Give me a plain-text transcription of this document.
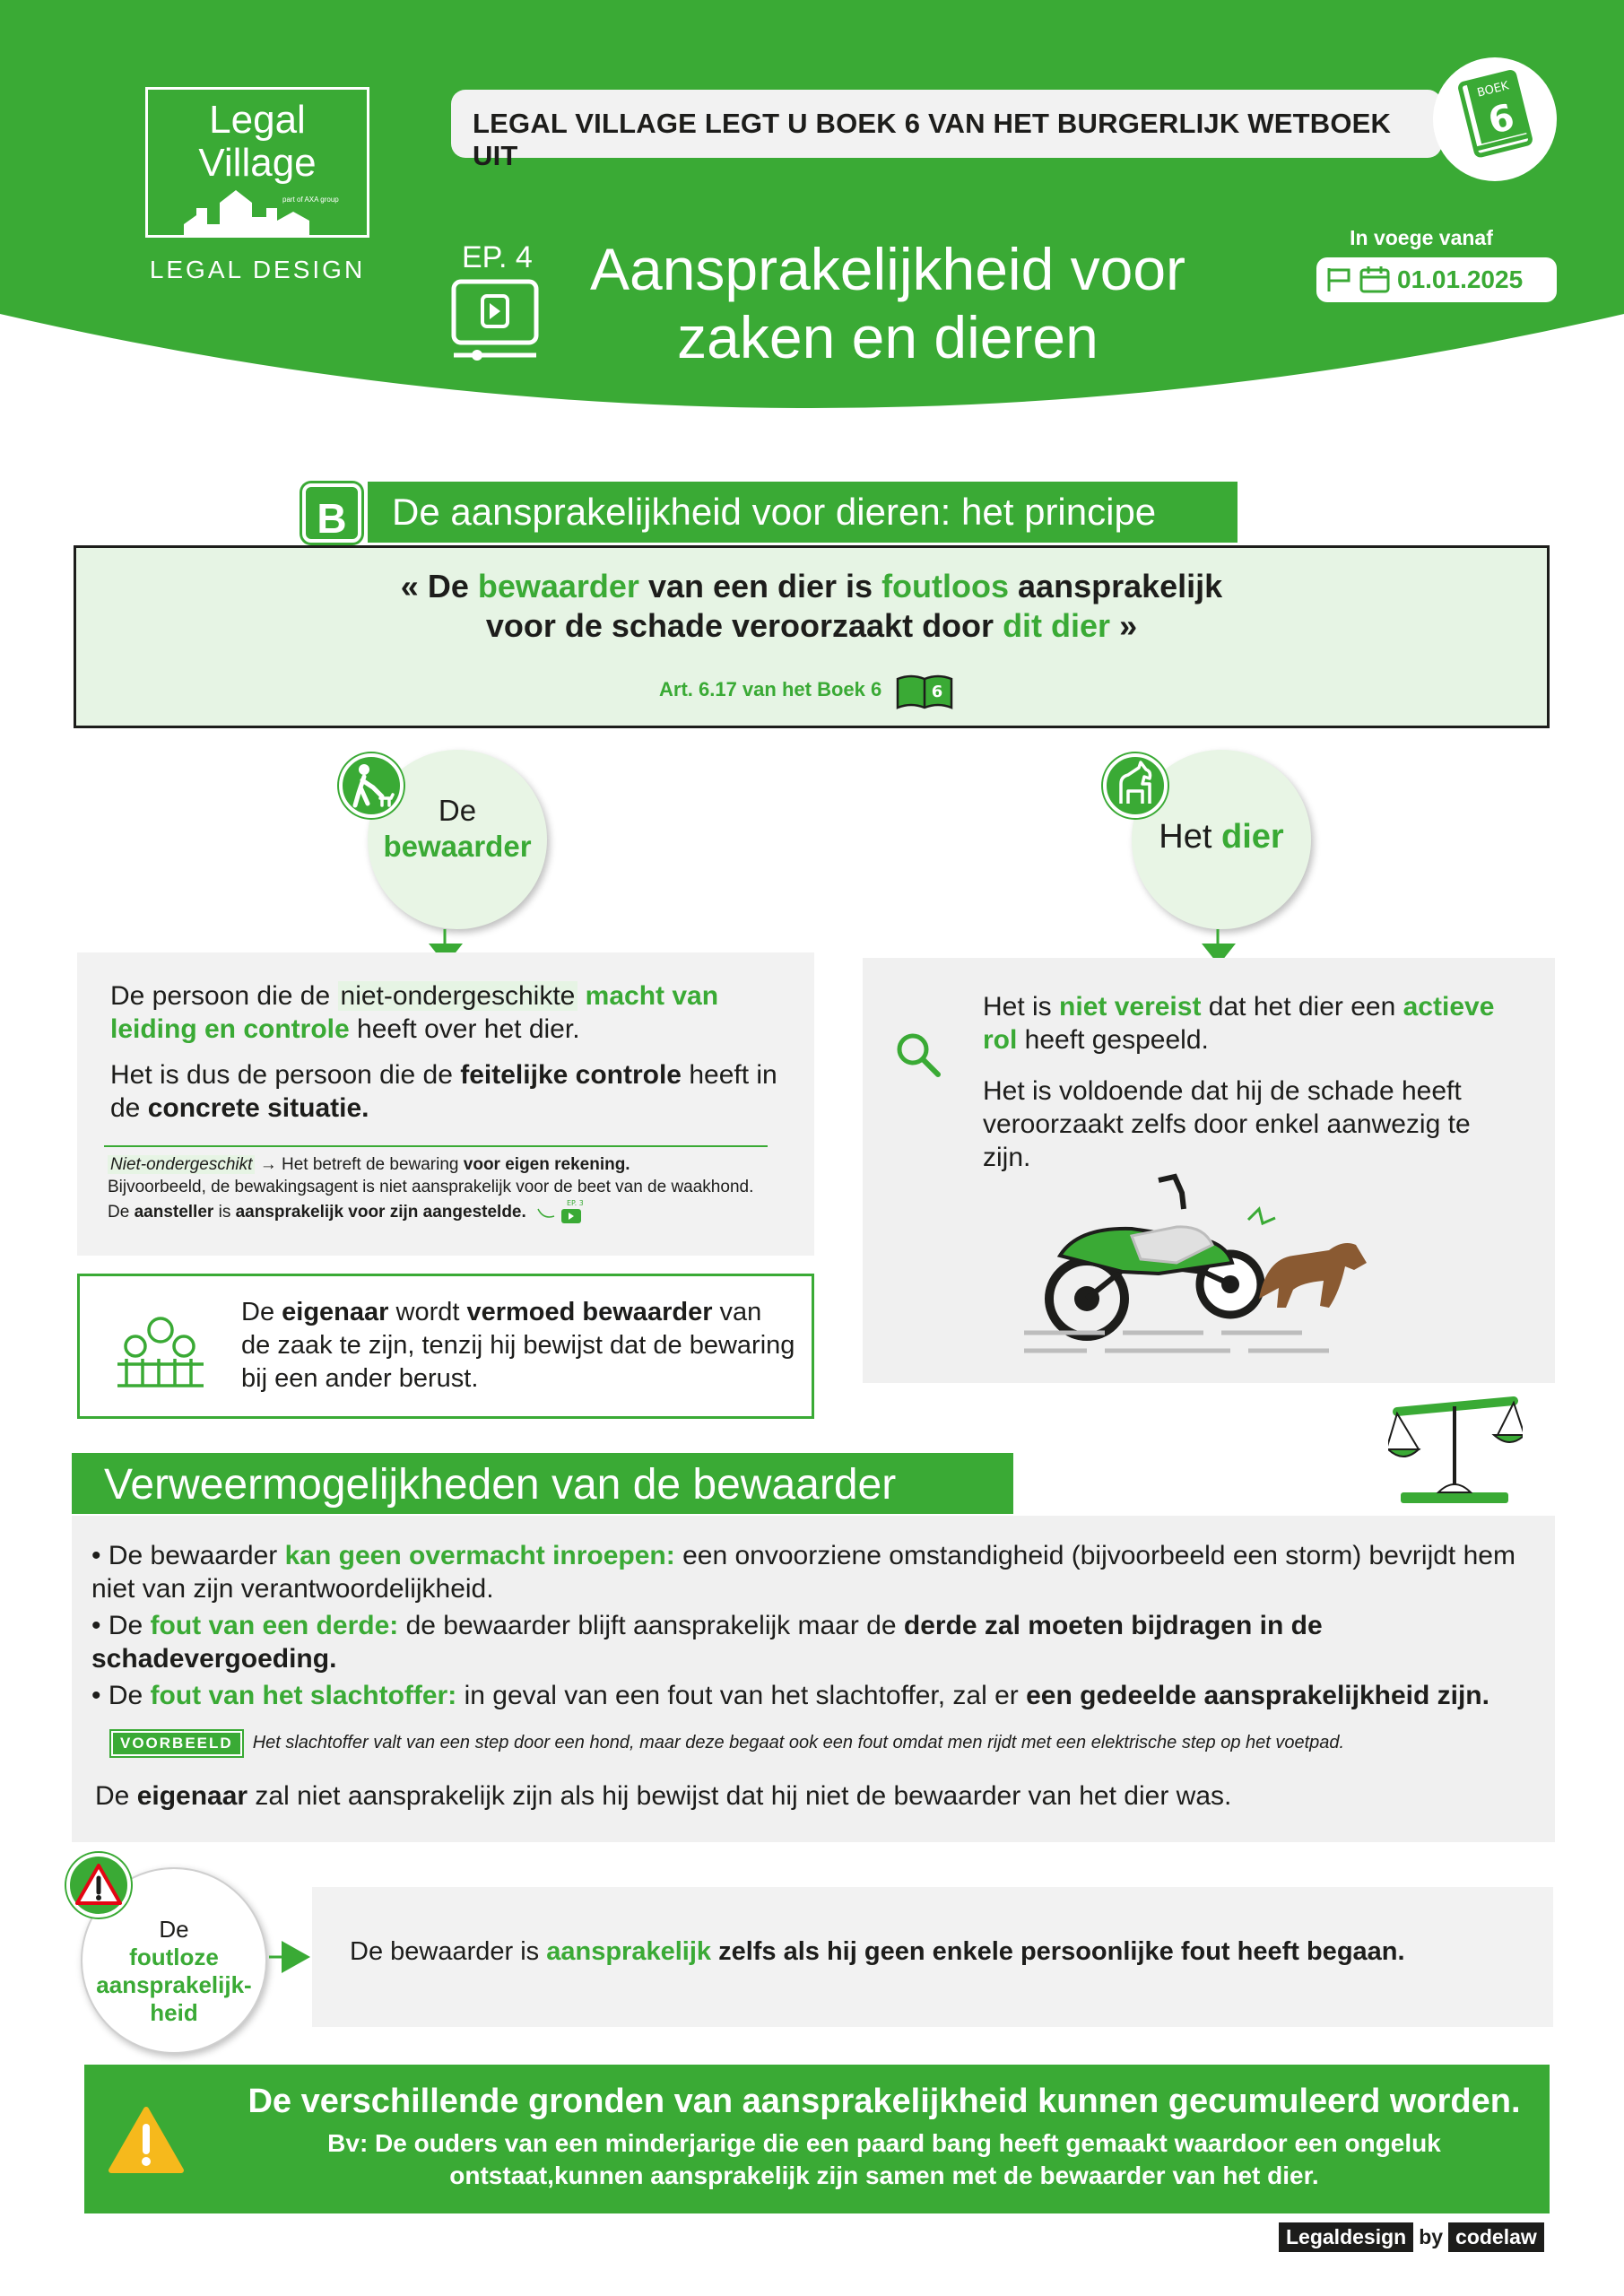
Legal
Village
part of AXA group
LEGAL DESIGN
LEGAL VILLAGE LEGT U BOEK 6 VAN HET BURGERLIJK WETBOEK UIT
BOEK
6
EP. 4 Aansprakelijkheid voor
zaken en dieren
In voege vanaf
01.01.2025
B De aansprakelijkheid voor dieren: het principe
« De bewaarder van een dier is foutloos aansprakelijk
voor de schade veroorzaakt door dit dier »
Art. 6.17 van het Boek 6	6
De
bewaarder	Het dier
De persoon die de niet-ondergeschikte macht van leiding en controle heeft over het dier.
Het is dus de persoon die de feitelijke controle heeft in de concrete situatie.
Niet-ondergeschikt → Het betreft de bewaring voor eigen rekening.
Bijvoorbeeld, de bewakingsagent is niet aansprakelijk voor de beet van de waakhond.
De aansteller is aansprakelijk voor zijn aangestelde.	EP. 3
De eigenaar wordt vermoed bewaarder van de zaak te zijn, tenzij hij bewijst dat de bewaring bij een ander berust.
Het is niet vereist dat het dier een actieve rol heeft gespeeld.
Het is voldoende dat hij de schade heeft veroorzaakt zelfs door enkel aanwezig te zijn.
Verweermogelijkheden van de bewaarder
• De bewaarder kan geen overmacht inroepen: een onvoorziene omstandigheid (bijvoorbeeld een storm) bevrijdt hem niet van zijn verantwoordelijkheid.
• De fout van een derde: de bewaarder blijft aansprakelijk maar de derde zal moeten bijdragen in de schadevergoeding.
• De fout van het slachtoffer: in geval van een fout van het slachtoffer, zal er een gedeelde aansprakelijkheid zijn.
VOORBEELD Het slachtoffer valt van een step door een hond, maar deze begaat ook een fout omdat men rijdt met een elektrische step op het voetpad.
De eigenaar zal niet aansprakelijk zijn als hij bewijst dat hij niet de bewaarder van het dier was.
De
foutloze
aansprakelijk-
heid
De bewaarder is aansprakelijk zelfs als hij geen enkele persoonlijke fout heeft begaan.
De verschillende gronden van aansprakelijkheid kunnen gecumuleerd worden.
Bv: De ouders van een minderjarige die een paard bang heeft gemaakt waardoor een ongeluk
ontstaat,kunnen aansprakelijk zijn samen met de bewaarder van het dier.
Legaldesign by codelaw
